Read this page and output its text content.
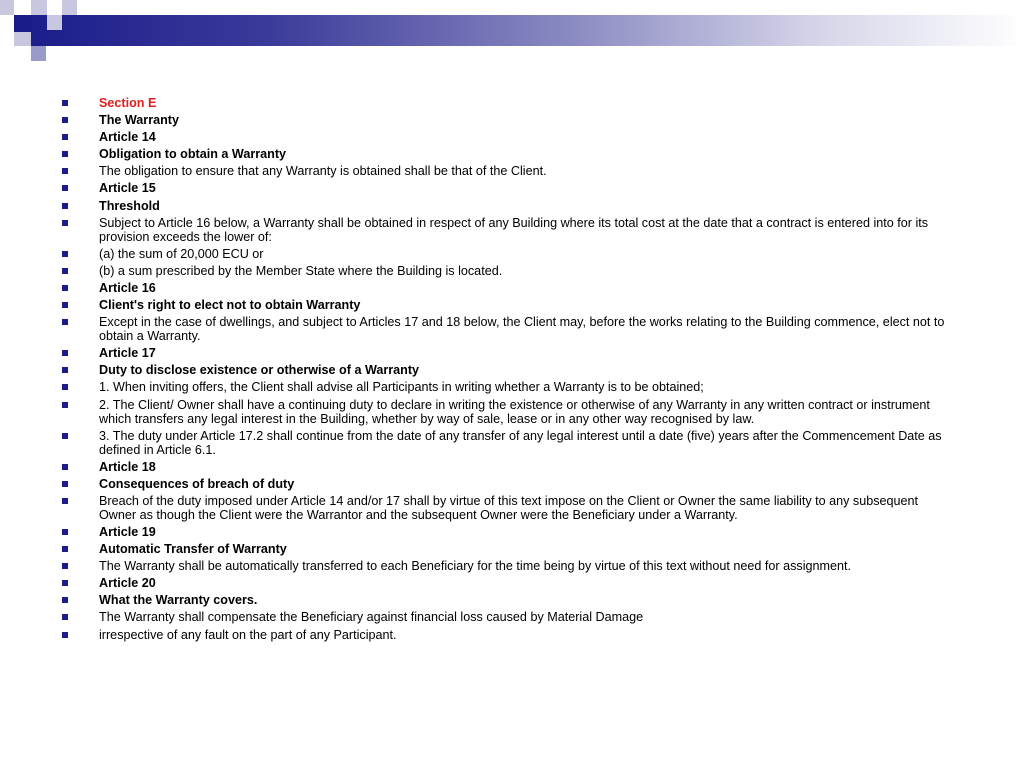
Section E
The Warranty
Article 14
Obligation to obtain a Warranty
The obligation to ensure that any Warranty is obtained shall be that of the Client.
Article 15
Threshold
Subject to Article 16 below, a Warranty shall be obtained in respect of any Building where its total cost at the date that a contract is entered into for its provision exceeds the lower of:
(a) the sum of 20,000 ECU or
(b) a sum prescribed by the Member State where the Building is located.
Article 16
Client's right to elect not to obtain Warranty
Except in the case of dwellings, and subject to Articles 17 and 18 below, the Client may, before the works relating to the Building commence, elect not to obtain a Warranty.
Article 17
Duty to disclose existence or otherwise of a Warranty
1. When inviting offers, the Client shall advise all Participants in writing whether a Warranty is to be obtained;
2. The Client/ Owner shall have a continuing duty to declare in writing the existence or otherwise of any Warranty in any written contract or instrument which transfers any legal interest in the Building, whether by way of sale, lease or in any other way recognised by law.
3. The duty under Article 17.2 shall continue from the date of any transfer of any legal interest until a date (five) years after the Commencement Date as defined in Article 6.1.
Article 18
Consequences of breach of duty
Breach of the duty imposed under Article 14 and/or 17 shall by virtue of this text impose on the Client or Owner the same liability to any subsequent Owner as though the Client were the Warrantor and the subsequent Owner were the Beneficiary under a Warranty.
Article 19
Automatic Transfer of Warranty
The Warranty shall be automatically transferred to each Beneficiary for the time being by virtue of this text without need for assignment.
Article 20
What the Warranty covers.
The Warranty shall compensate the Beneficiary against financial loss caused by Material Damage
irrespective of any fault on the part of any Participant.
